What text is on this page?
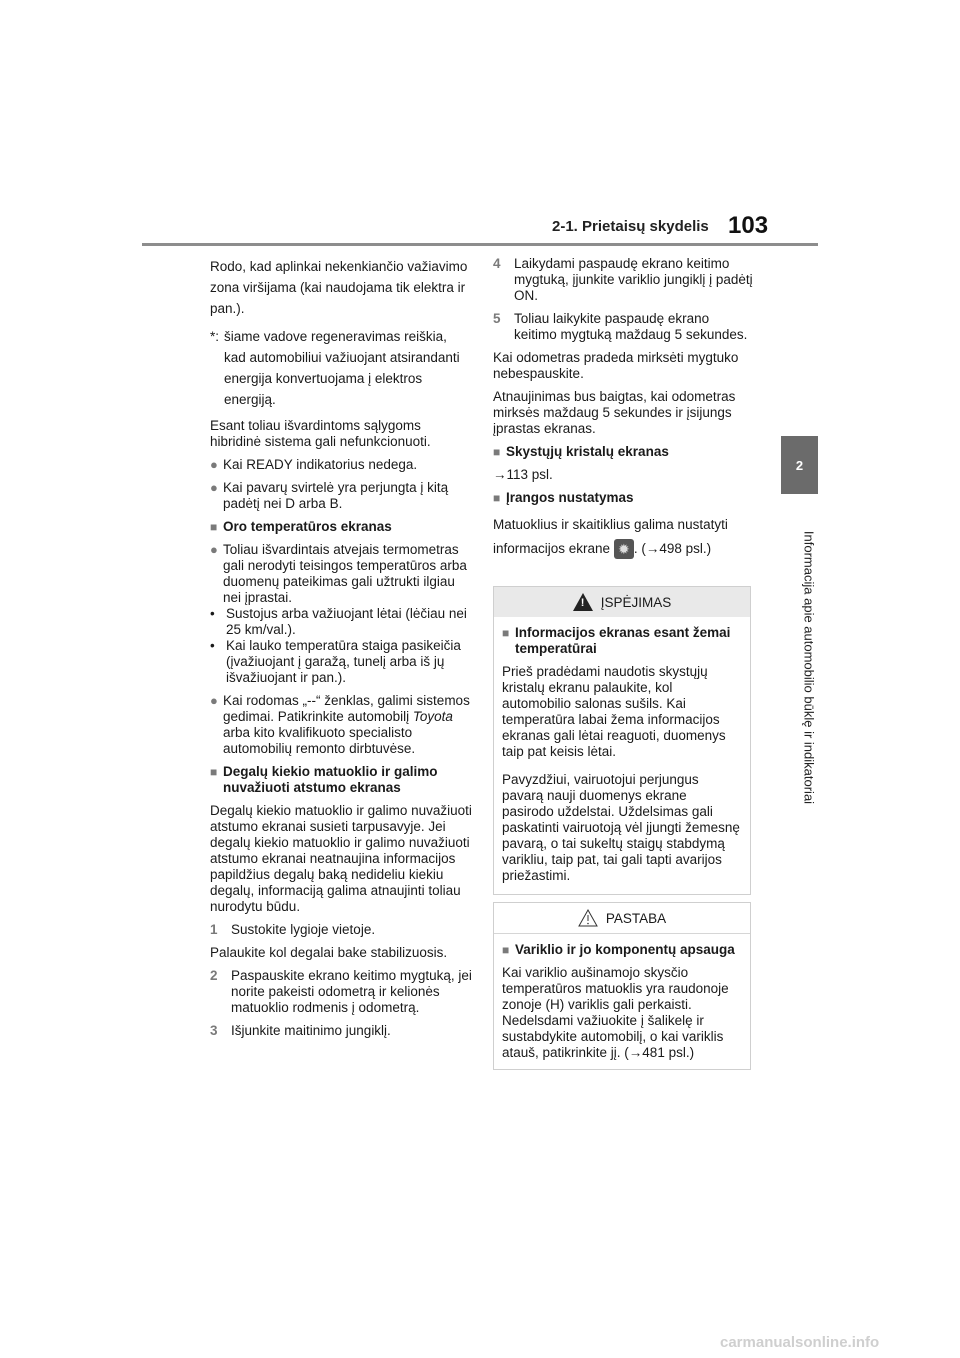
2-1. Prietaisų skydelis 103
2
Informacija apie automobilio būklę ir indikatoriai

Rodo, kad aplinkai nekenkiančio važiavimo zona viršijama (kai naudojama tik elektra ir pan.).

*: šiame vadove regeneravimas reiškia, kad automobiliui važiuojant atsirandanti energija konvertuojama į elektros energiją.

Esant toliau išvardintoms sąlygoms hibridinė sistema gali nefunkcionuoti.

● Kai READY indikatorius nedega.
● Kai pavarų svirtelė yra perjungta į kitą padėtį nei D arba B.
■ Oro temperatūros ekranas
● Toliau išvardintais atvejais termometras gali nerodyti teisingos temperatūros arba duomenų pateikimas gali užtrukti ilgiau nei įprastai.
• Sustojus arba važiuojant lėtai (lėčiau nei 25 km/val.).
• Kai lauko temperatūra staiga pasikeičia (įvažiuojant į garažą, tunelį arba iš jų išvažiuojant ir pan.).
● Kai rodomas „--“ ženklas, galimi sistemos gedimai. Patikrinkite automobilį Toyota arba kito kvalifikuoto specialisto automobilių remonto dirbtuvėse.
■ Degalų kiekio matuoklio ir galimo nuvažiuoti atstumo ekranas

Degalų kiekio matuoklio ir galimo nuvažiuoti atstumo ekranai susieti tarpusavyje. Jei degalų kiekio matuoklio ir galimo nuvažiuoti atstumo ekranai neatnaujina informacijos papildžius degalų baką nedideliu kiekiu degalų, informaciją galima atnaujinti toliau nurodytu būdu.

1 Sustokite lygioje vietoje.

Palaukite kol degalai bake stabilizuosis.

2 Paspauskite ekrano keitimo mygtuką, jei norite pakeisti odometrą ir kelionės matuoklio rodmenis į odometrą.
3 Išjunkite maitinimo jungiklį.
4 Laikydami paspaudę ekrano keitimo mygtuką, įjunkite variklio jungiklį į padėtį ON.
5 Toliau laikykite paspaudę ekrano keitimo mygtuką maždaug 5 sekundes.

Kai odometras pradeda mirksėti mygtuko nebespauskite.

Atnaujinimas bus baigtas, kai odometras mirksės maždaug 5 sekundes ir įsijungs įprastas ekranas.

■ Skystųjų kristalų ekranas

→113 psl.

■ Įrangos nustatymas

Matuoklius ir skaitiklius galima nustatyti informacijos ekrane ✹ . (→498 psl.)

!
ĮSPĖJIMAS
■ Informacijos ekranas esant žemai temperatūrai

Prieš pradėdami naudotis skystųjų kristalų ekranu palaukite, kol automobilio salonas sušils. Kai temperatūra labai žema informacijos ekranas gali lėtai reaguoti, duomenys taip pat keisis lėtai.

Pavyzdžiui, vairuotojui perjungus pavarą nauji duomenys ekrane pasirodo uždelstai. Uždelsimas gali paskatinti vairuotoją vėl įjungti žemesnę pavarą, o tai sukeltų staigų stabdymą varikliu, taip pat, tai gali tapti avarijos priežastimi.

PASTABA
■ Variklio ir jo komponentų apsauga

Kai variklio aušinamojo skysčio temperatūros matuoklis yra raudonoje zonoje (H) variklis gali perkaisti. Nedelsdami važiuokite į šalikelę ir sustabdykite automobilį, o kai variklis atauš, patikrinkite jį. (→481 psl.)

carmanualsonline.info
